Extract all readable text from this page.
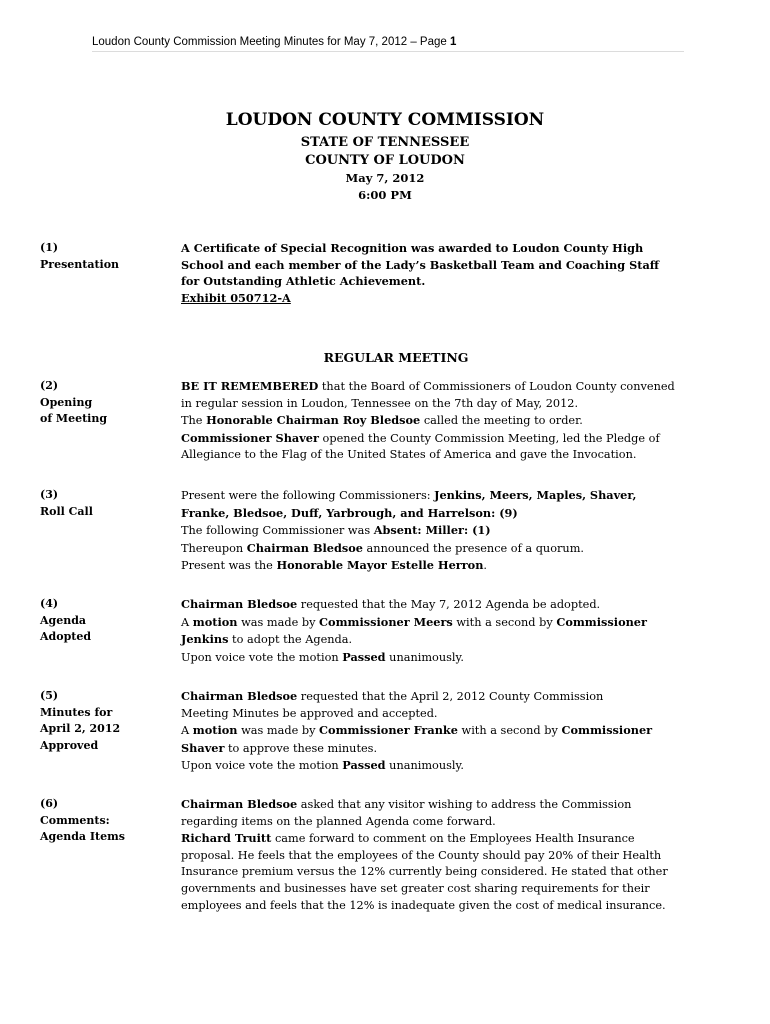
Loudon County Commission Meeting Minutes for May 7, 2012 – Page 1
LOUDON COUNTY COMMISSION
STATE OF TENNESSEE
COUNTY OF LOUDON
May 7, 2012
6:00 PM
(1)
Presentation
A Certificate of Special Recognition was awarded to Loudon County High
School and each member of the Lady’s Basketball Team and Coaching Staff
for Outstanding Athletic Achievement.
Exhibit 050712-A
REGULAR MEETING
(2)
Opening
of Meeting
BE IT REMEMBERED that the Board of Commissioners of Loudon County convened
in regular session in Loudon, Tennessee on the 7th day of May, 2012.
The Honorable Chairman Roy Bledsoe called the meeting to order.
Commissioner Shaver opened the County Commission Meeting, led the Pledge of
Allegiance to the Flag of the United States of America and gave the Invocation.
(3)
Roll Call
Present were the following Commissioners: Jenkins, Meers, Maples, Shaver,
Franke, Bledsoe, Duff, Yarbrough, and Harrelson: (9)
The following Commissioner was Absent: Miller: (1)
Thereupon Chairman Bledsoe announced the presence of a quorum.
Present was the Honorable Mayor Estelle Herron.
(4)
Agenda
Adopted
Chairman Bledsoe requested that the May 7, 2012 Agenda be adopted.
A motion was made by Commissioner Meers with a second by Commissioner
Jenkins to adopt the Agenda.
Upon voice vote the motion Passed unanimously.
(5)
Minutes for
April 2, 2012
Approved
Chairman Bledsoe requested that the April 2, 2012 County Commission
Meeting Minutes be approved and accepted.
A motion was made by Commissioner Franke with a second by Commissioner
Shaver to approve these minutes.
Upon voice vote the motion Passed unanimously.
(6)
Comments:
Agenda Items
Chairman Bledsoe asked that any visitor wishing to address the Commission
regarding items on the planned Agenda come forward.
Richard Truitt came forward to comment on the Employees Health Insurance
proposal. He feels that the employees of the County should pay 20% of their Health
Insurance premium versus the 12% currently being considered. He stated that other
governments and businesses have set greater cost sharing requirements for their
employees and feels that the 12% is inadequate given the cost of medical insurance.
